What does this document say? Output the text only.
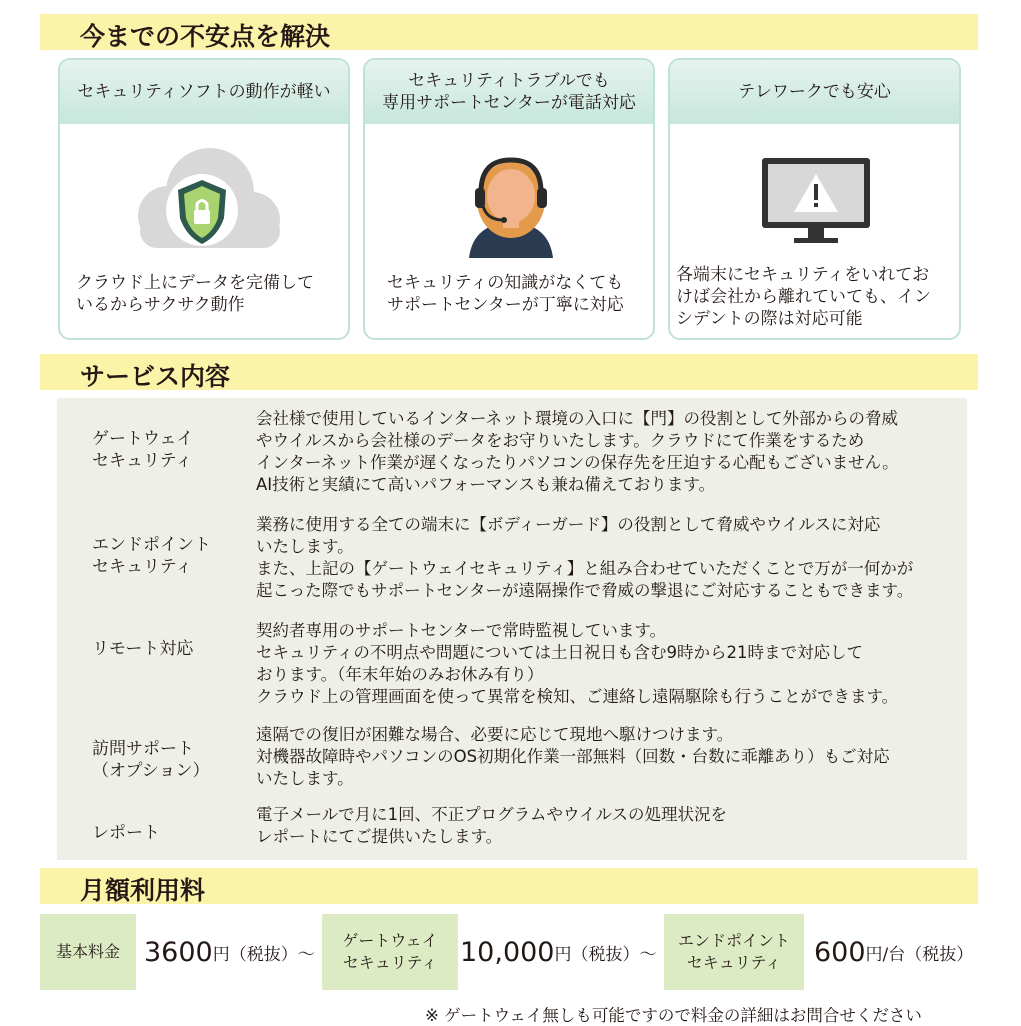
今までの不安点を解決
セキュリティソフトの動作が軽い
クラウド上にデータを完備して
いるからサクサク動作
セキュリティトラブルでも
専用サポートセンターが電話対応
セキュリティの知識がなくても
サポートセンターが丁寧に対応
テレワークでも安心
各端末にセキュリティをいれてお
けば会社から離れていても、イン
シデントの際は対応可能
サービス内容
ゲートウェイ
セキュリティ
会社様で使用しているインターネット環境の入口に【門】の役割として外部からの脅威
やウイルスから会社様のデータをお守りいたします。クラウドにて作業をするため
インターネット作業が遅くなったりパソコンの保存先を圧迫する心配もございません。
AI技術と実績にて高いパフォーマンスも兼ね備えております。
エンドポイント
セキュリティ
業務に使用する全ての端末に【ボディーガード】の役割として脅威やウイルスに対応
いたします。
また、上記の【ゲートウェイセキュリティ】と組み合わせていただくことで万が一何かが
起こった際でもサポートセンターが遠隔操作で脅威の撃退にご対応することもできます。
リモート対応
契約者専用のサポートセンターで常時監視しています。
セキュリティの不明点や問題については土日祝日も含む9時から21時まで対応して
おります。（年末年始のみお休み有り）
クラウド上の管理画面を使って異常を検知、ご連絡し遠隔駆除も行うことができます。
訪問サポート
（オプション）
遠隔での復旧が困難な場合、必要に応じて現地へ駆けつけます。
対機器故障時やパソコンのOS初期化作業一部無料（回数・台数に乖離あり）もご対応
いたします。
レポート
電子メールで月に1回、不正プログラムやウイルスの処理状況を
レポートにてご提供いたします。
月額利用料
基本料金 3600 円（税抜）～
ゲートウェイ
セキュリティ 10,000 円（税抜）～
エンドポイント
セキュリティ	600 円/台（税抜）
※ ゲートウェイ無しも可能ですので料金の詳細はお問合せください
